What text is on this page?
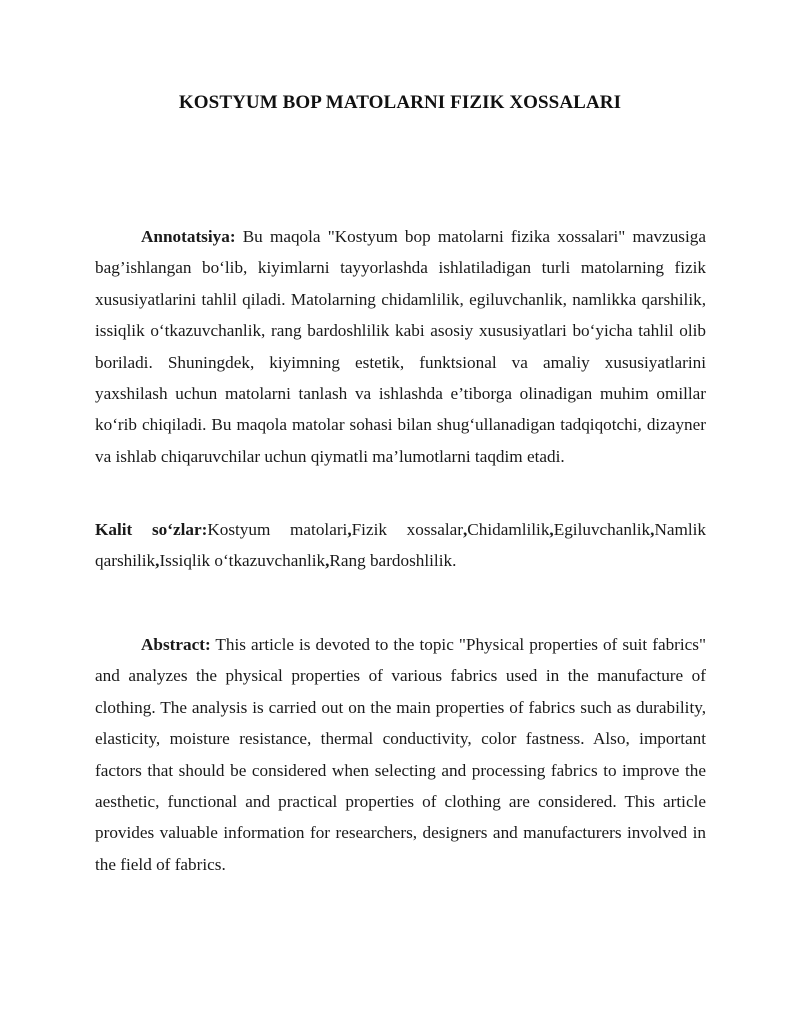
KOSTYUM BOP MATOLARNI FIZIK XOSSALARI

Annotatsiya: Bu maqola "Kostyum bop matolarni fizika xossalari" mavzusiga bag’ishlangan bo‘lib, kiyimlarni tayyorlashda ishlatiladigan turli matolarning fizik xususiyatlarini tahlil qiladi. Matolarning chidamlilik, egiluvchanlik, namlikka qarshilik, issiqlik o‘tkazuvchanlik, rang bardoshlilik kabi asosiy xususiyatlari bo‘yicha tahlil olib boriladi. Shuningdek, kiyimning estetik, funktsional va amaliy xususiyatlarini yaxshilash uchun matolarni tanlash va ishlashda e’tiborga olinadigan muhim omillar ko‘rib chiqiladi. Bu maqola matolar sohasi bilan shug‘ullanadigan tadqiqotchi, dizayner va ishlab chiqaruvchilar uchun qiymatli ma’lumotlarni taqdim etadi.

Kalit so‘zlar:Kostyum matolari,Fizik xossalar,Chidamlilik,Egiluvchanlik,Namlik qarshilik,Issiqlik o‘tkazuvchanlik,Rang bardoshlilik.

Abstract: This article is devoted to the topic "Physical properties of suit fabrics" and analyzes the physical properties of various fabrics used in the manufacture of clothing. The analysis is carried out on the main properties of fabrics such as durability, elasticity, moisture resistance, thermal conductivity, color fastness. Also, important factors that should be considered when selecting and processing fabrics to improve the aesthetic, functional and practical properties of clothing are considered. This article provides valuable information for researchers, designers and manufacturers involved in the field of fabrics.
